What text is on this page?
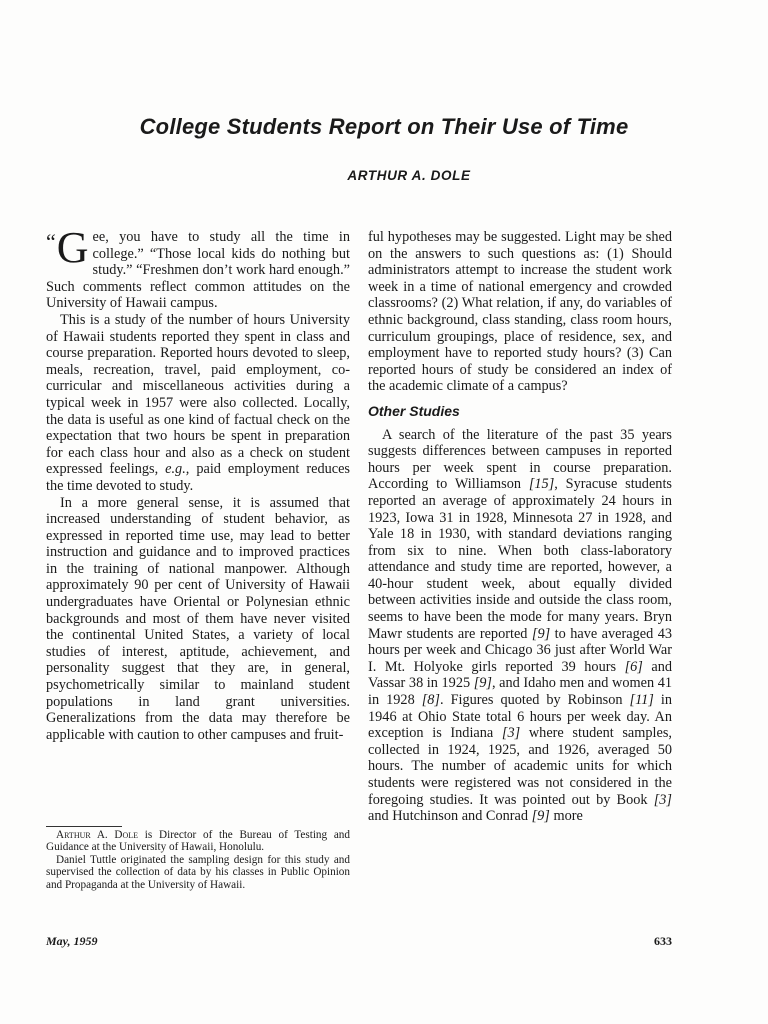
College Students Report on Their Use of Time
ARTHUR A. DOLE

“G ee, you have to study all the time in college.” “Those local kids do nothing but study.” “Freshmen don’t work hard enough.” Such comments reflect common attitudes on the University of Hawaii campus.

This is a study of the number of hours University of Hawaii students reported they spent in class and course preparation. Reported hours devoted to sleep, meals, recreation, travel, paid employment, co-curricular and miscellaneous activities during a typical week in 1957 were also collected. Locally, the data is useful as one kind of factual check on the expectation that two hours be spent in preparation for each class hour and also as a check on student expressed feelings, e.g., paid employment reduces the time devoted to study.

In a more general sense, it is assumed that increased understanding of student behavior, as expressed in reported time use, may lead to better instruction and guidance and to improved practices in the training of national manpower. Although approximately 90 per cent of University of Hawaii undergraduates have Oriental or Polynesian ethnic backgrounds and most of them have never visited the continental United States, a variety of local studies of interest, aptitude, achievement, and personality suggest that they are, in general, psychometrically similar to mainland student populations in land grant universities. Generalizations from the data may therefore be applicable with caution to other campuses and fruit-

Arthur A. Dole is Director of the Bureau of Testing and Guidance at the University of Hawaii, Honolulu.

Daniel Tuttle originated the sampling design for this study and supervised the collection of data by his classes in Public Opinion and Propaganda at the University of Hawaii.

ful hypotheses may be suggested. Light may be shed on the answers to such questions as: (1) Should administrators attempt to increase the student work week in a time of national emergency and crowded classrooms? (2) What relation, if any, do variables of ethnic background, class standing, class room hours, curriculum groupings, place of residence, sex, and employment have to reported study hours? (3) Can reported hours of study be considered an index of the academic climate of a campus?

Other Studies

A search of the literature of the past 35 years suggests differences between campuses in reported hours per week spent in course preparation. According to Williamson [15], Syracuse students reported an average of approximately 24 hours in 1923, Iowa 31 in 1928, Minnesota 27 in 1928, and Yale 18 in 1930, with standard deviations ranging from six to nine. When both class-laboratory attendance and study time are reported, however, a 40-hour student week, about equally divided between activities inside and outside the class room, seems to have been the mode for many years. Bryn Mawr students are reported [9] to have averaged 43 hours per week and Chicago 36 just after World War I. Mt. Holyoke girls reported 39 hours [6] and Vassar 38 in 1925 [9], and Idaho men and women 41 in 1928 [8]. Figures quoted by Robinson [11] in 1946 at Ohio State total 6 hours per week day. An exception is Indiana [3] where student samples, collected in 1924, 1925, and 1926, averaged 50 hours. The number of academic units for which students were registered was not considered in the foregoing studies. It was pointed out by Book [3] and Hutchinson and Conrad [9] more

May, 1959	633
